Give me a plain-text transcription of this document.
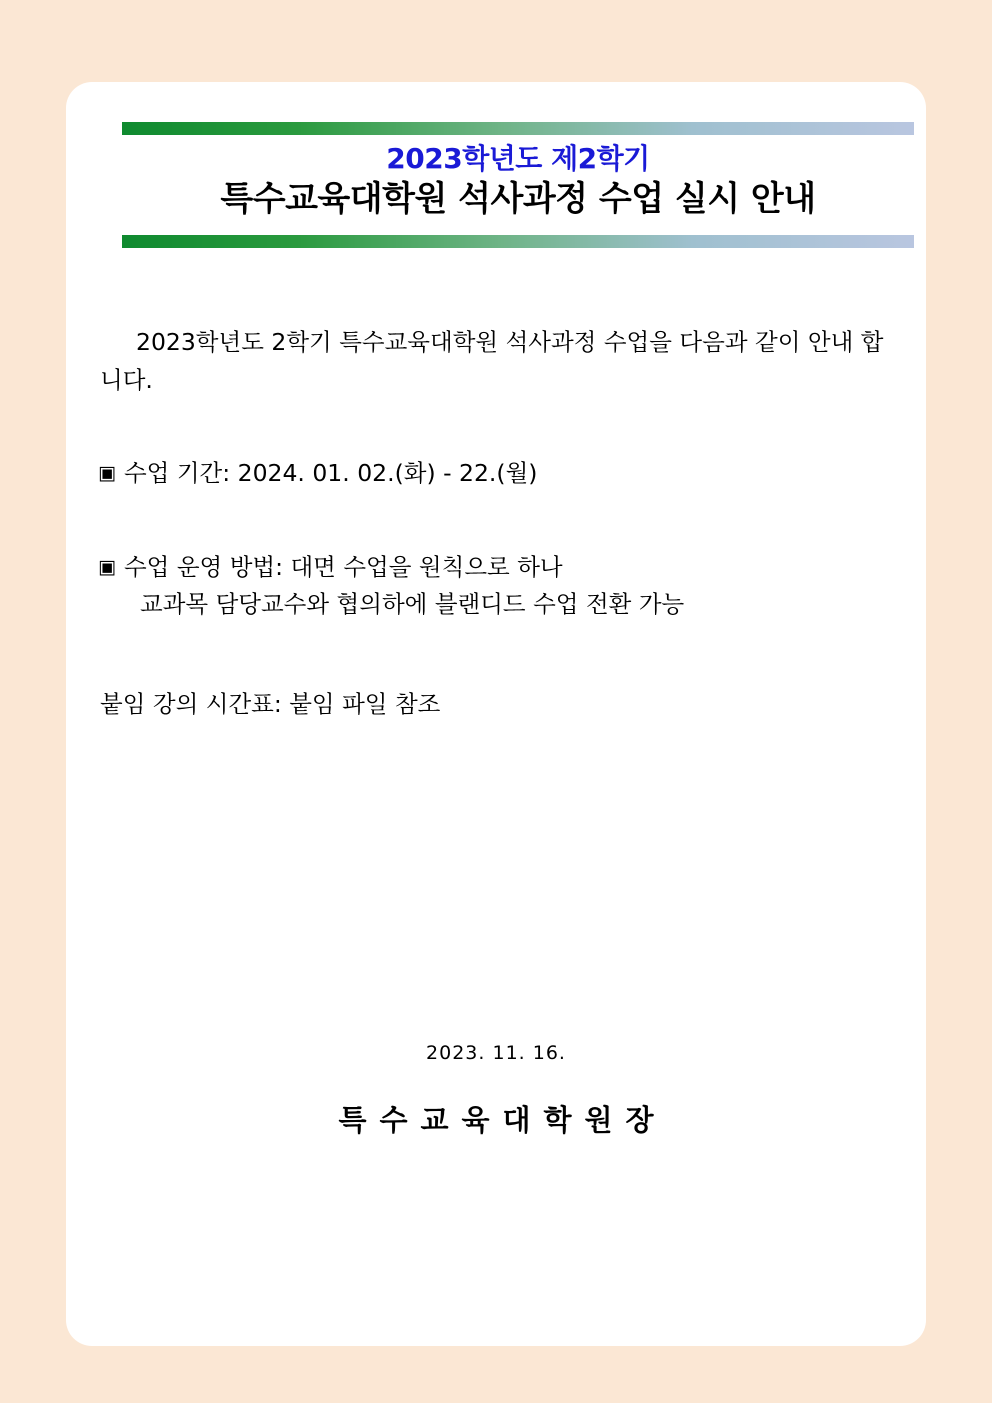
2023학년도 제2학기
특수교육대학원 석사과정 수업 실시 안내

2023학년도 2학기 특수교육대학원 석사과정 수업을 다음과 같이 안내 합니다.

▣ 수업 기간: 2024. 01. 02.(화) - 22.(월)
▣ 수업 운영 방법: 대면 수업을 원칙으로 하나
교과목 담당교수와 협의하에 블랜디드 수업 전환 가능
붙임 강의 시간표: 붙임 파일 참조
2023. 11. 16.
특수교육대학원장
